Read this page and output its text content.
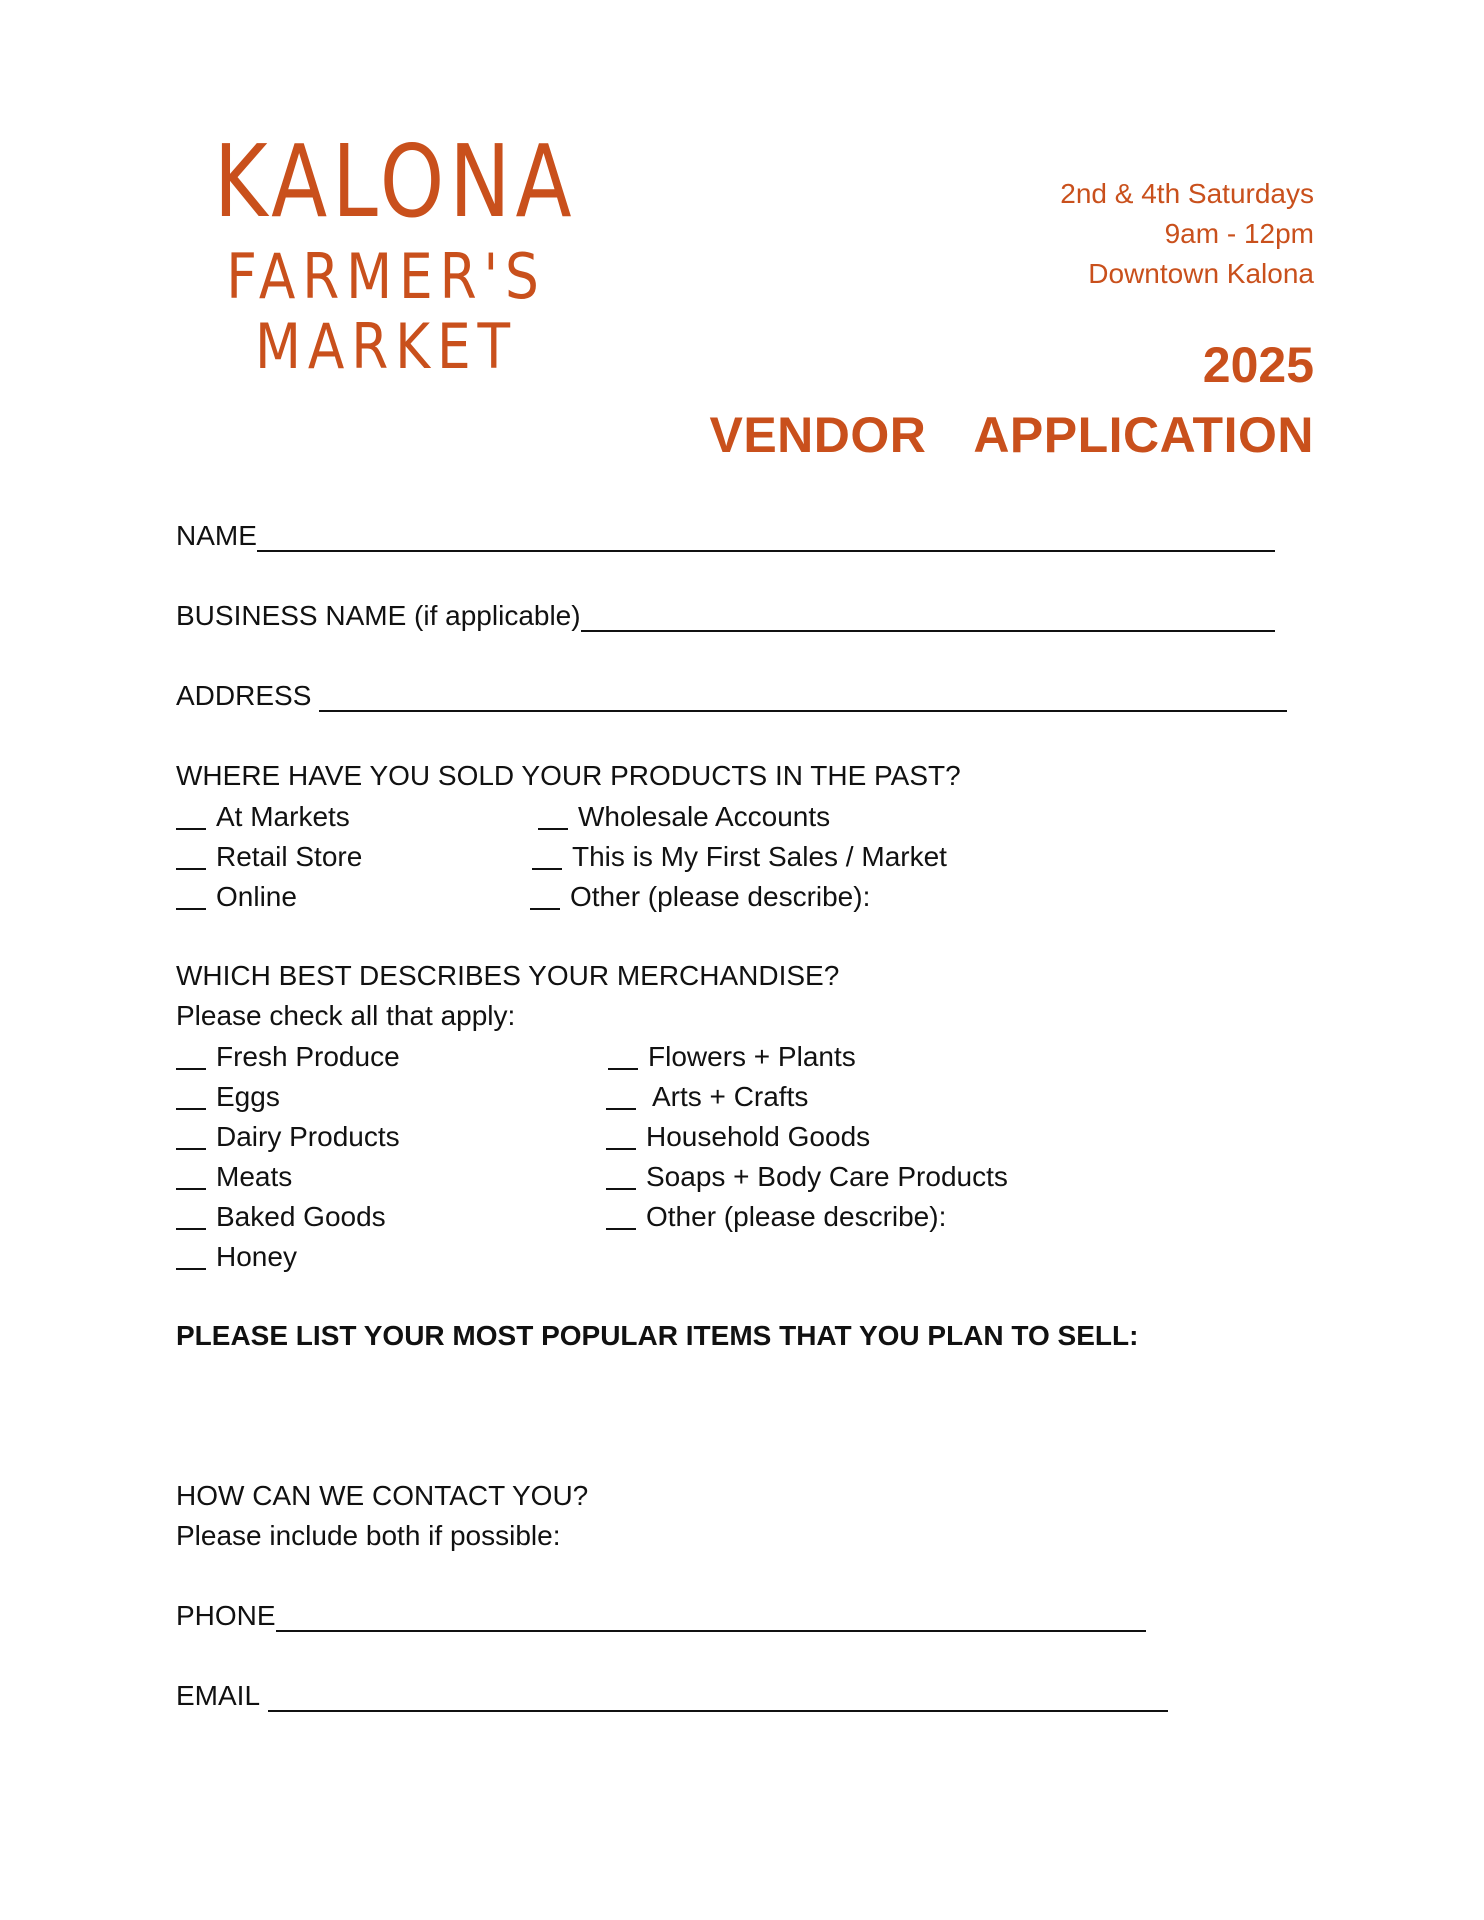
KALONA
FARMER'S
MARKET
2nd & 4th Saturdays
9am - 12pm
Downtown Kalona
2025
VENDOR  APPLICATION
NAME
BUSINESS NAME (if applicable)
ADDRESS
WHERE HAVE YOU SOLD YOUR PRODUCTS IN THE PAST?
At Markets
Retail Store
Online
Wholesale Accounts
This is My First Sales / Market
Other (please describe):
WHICH BEST DESCRIBES YOUR MERCHANDISE?
Please check all that apply:
Fresh Produce
Eggs
Dairy Products
Meats
Baked Goods
Honey
Flowers + Plants
Arts + Crafts
Household Goods
Soaps + Body Care Products
Other (please describe):
PLEASE LIST YOUR MOST POPULAR ITEMS THAT YOU PLAN TO SELL:
HOW CAN WE CONTACT YOU?
Please include both if possible:
PHONE
EMAIL
